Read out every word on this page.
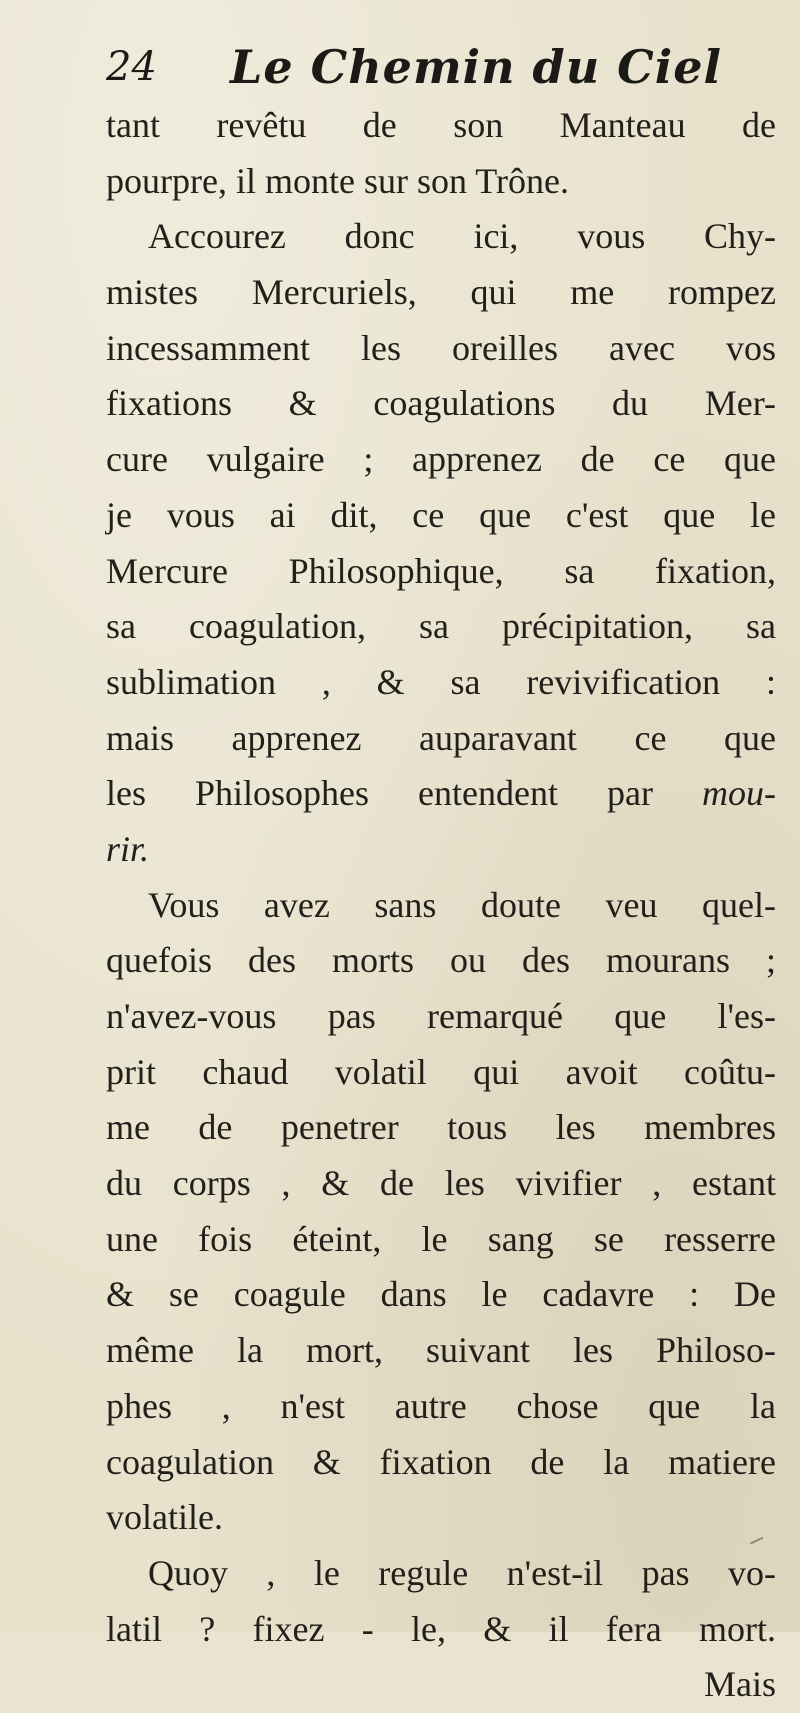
24 Le Chemin du Ciel
tant revêtu de son Manteau de
pourpre, il monte sur son Trône.
Accourez donc ici, vous Chy-
mistes Mercuriels, qui me rompez
incessamment les oreilles avec vos
fixations & coagulations du Mer-
cure vulgaire ; apprenez de ce que
je vous ai dit, ce que c'est que le
Mercure Philosophique, sa fixation,
sa coagulation, sa précipitation, sa
sublimation , & sa revivification :
mais apprenez auparavant ce que
les Philosophes entendent par mou-
rir.
Vous avez sans doute veu quel-
quefois des morts ou des mourans ;
n'avez-vous pas remarqué que l'es-
prit chaud volatil qui avoit coûtu-
me de penetrer tous les membres
du corps , & de les vivifier , estant
une fois éteint, le sang se resserre
& se coagule dans le cadavre : De
même la mort, suivant les Philoso-
phes , n'est autre chose que la
coagulation & fixation de la matiere
volatile.
Quoy , le regule n'est-il pas vo-
latil ? fixez - le, & il fera mort.
Mais
